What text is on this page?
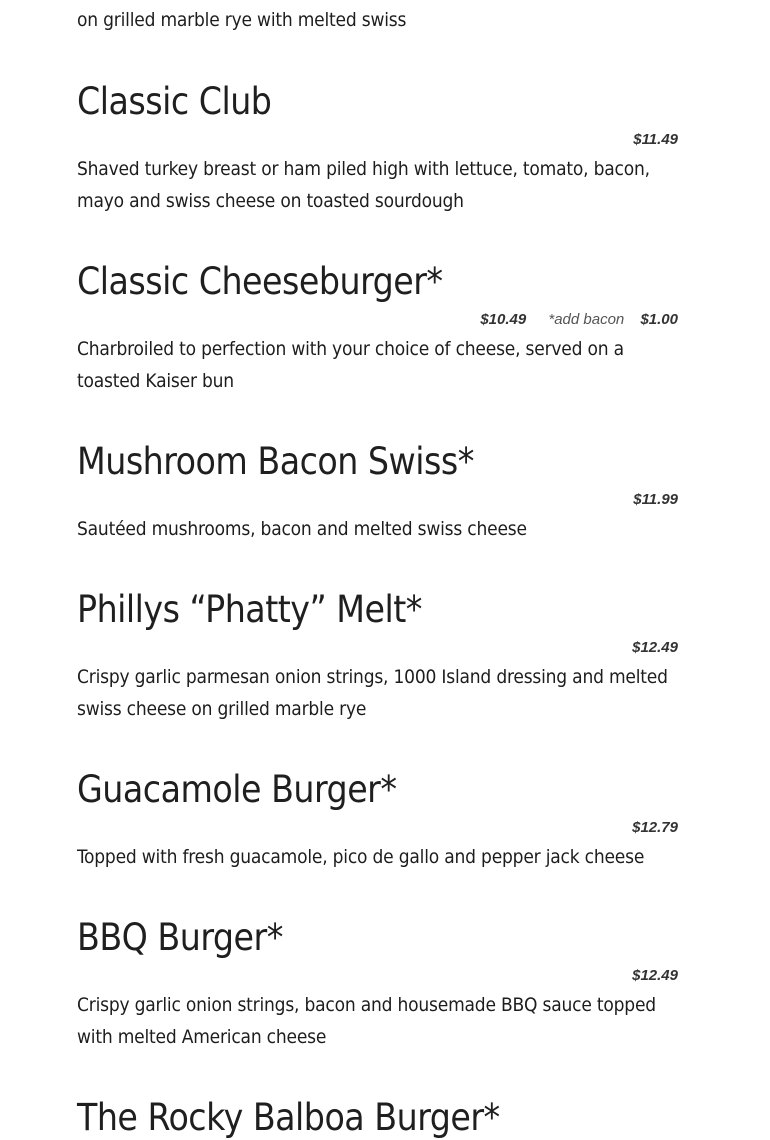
on grilled marble rye with melted swiss
Classic Club
$11.49
Shaved turkey breast or ham piled high with lettuce, tomato, bacon, mayo and swiss cheese on toasted sourdough
Classic Cheeseburger*
$10.49 *add bacon $1.00
Charbroiled to perfection with your choice of cheese, served on a toasted Kaiser bun
Mushroom Bacon Swiss*
$11.99
Sautéed mushrooms, bacon and melted swiss cheese
Phillys “Phatty” Melt*
$12.49
Crispy garlic parmesan onion strings, 1000 Island dressing and melted swiss cheese on grilled marble rye
Guacamole Burger*
$12.79
Topped with fresh guacamole, pico de gallo and pepper jack cheese
BBQ Burger*
$12.49
Crispy garlic onion strings, bacon and housemade BBQ sauce topped with melted American cheese
The Rocky Balboa Burger*
